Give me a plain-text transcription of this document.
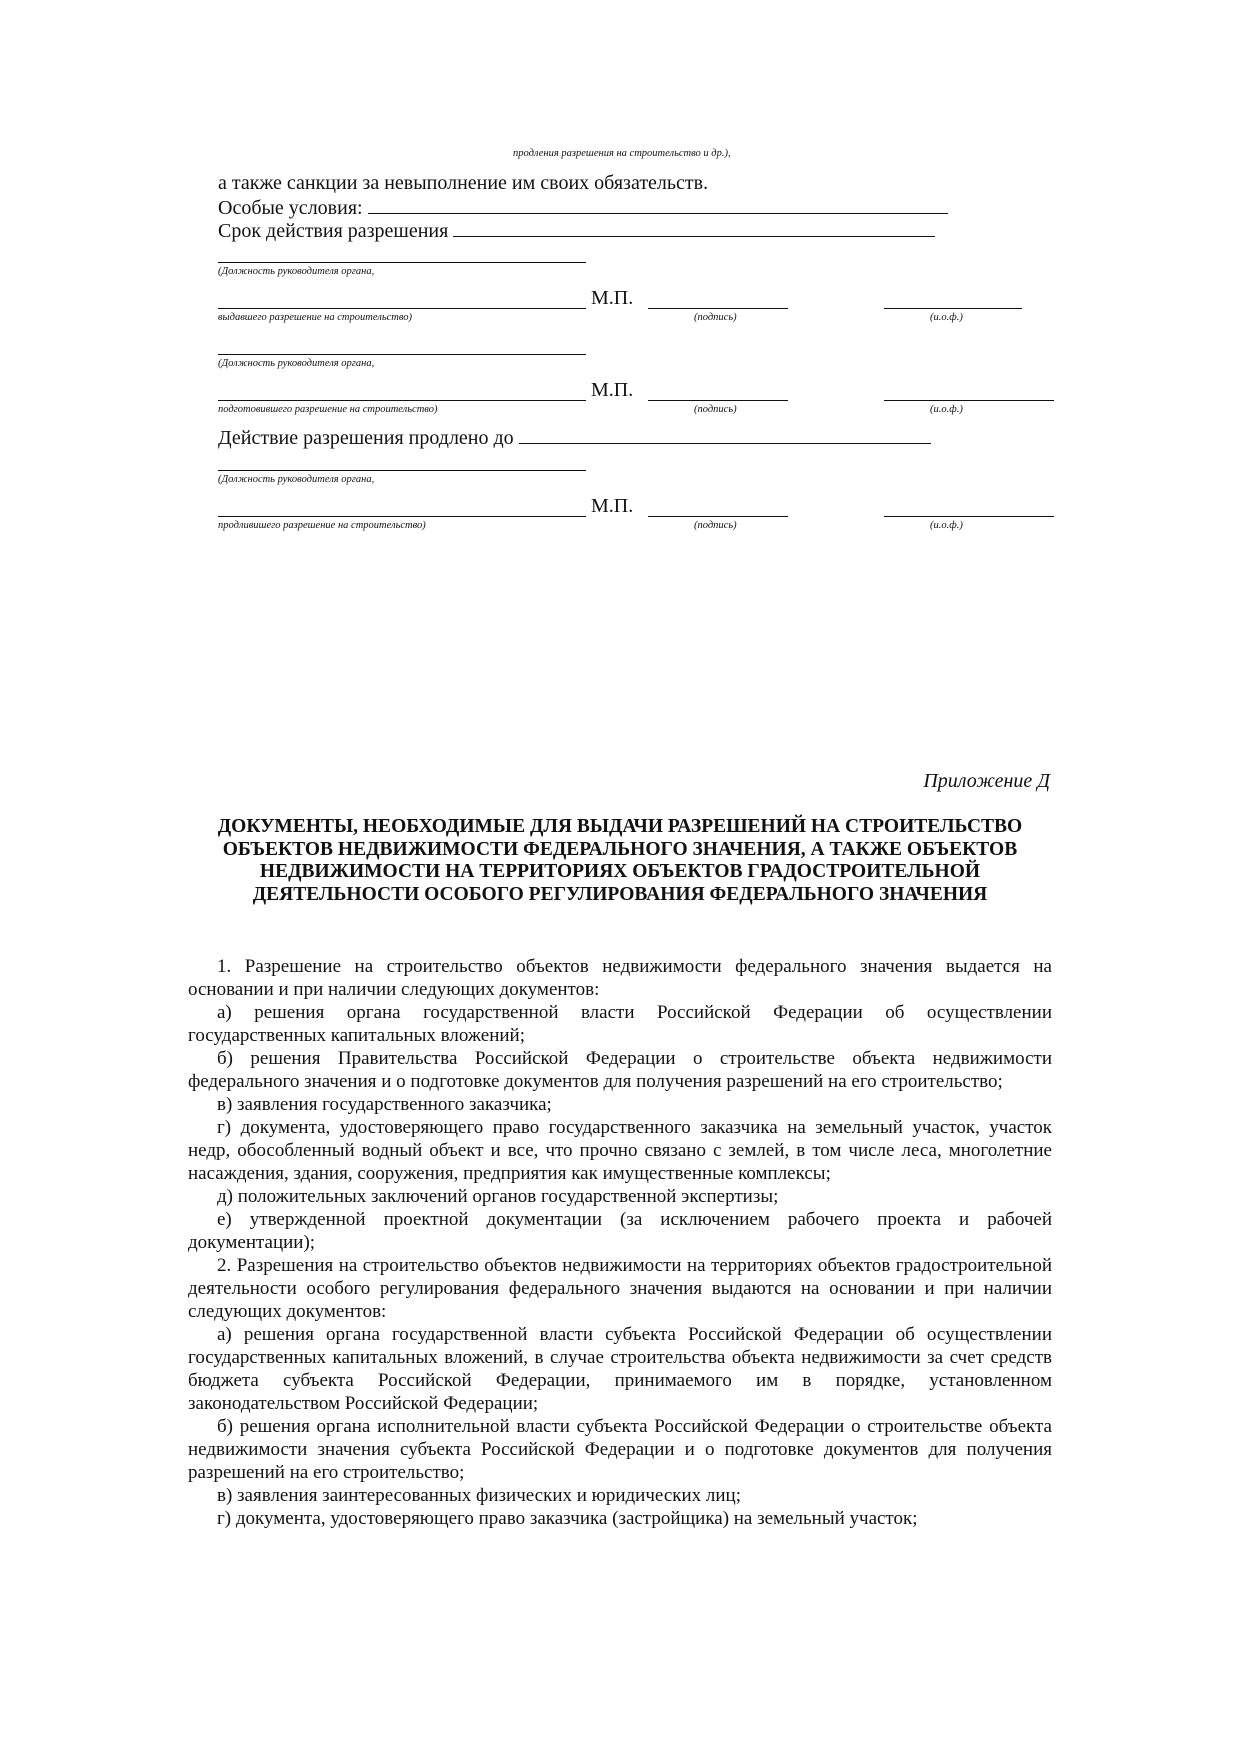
продления разрешения на строительство и др.),
а также санкции за невыполнение им своих обязательств.
Особые условия:
Срок действия разрешения
(Должность руководителя органа,
М.П.
выдавшего разрешение на строительство)	(подпись)	(и.о.ф.)
(Должность руководителя органа,
М.П.
подготовившего разрешение на строительство)	(подпись)	(и.о.ф.)
Действие разрешения продлено до
(Должность руководителя органа,
М.П.
продливишего разрешение на строительство)	(подпись)	(и.о.ф.)
Приложение Д
ДОКУМЕНТЫ, НЕОБХОДИМЫЕ ДЛЯ ВЫДАЧИ РАЗРЕШЕНИЙ НА СТРОИТЕЛЬСТВО ОБЪЕКТОВ НЕДВИЖИМОСТИ ФЕДЕРАЛЬНОГО ЗНАЧЕНИЯ, А ТАКЖЕ ОБЪЕКТОВ НЕДВИЖИМОСТИ НА ТЕРРИТОРИЯХ ОБЪЕКТОВ ГРАДОСТРОИТЕЛЬНОЙ ДЕЯТЕЛЬНОСТИ ОСОБОГО РЕГУЛИРОВАНИЯ ФЕДЕРАЛЬНОГО ЗНАЧЕНИЯ

1. Разрешение на строительство объектов недвижимости федерального значения выдается на основании и при наличии следующих документов:

а) решения органа государственной власти Российской Федерации об осуществлении государственных капитальных вложений;

б) решения Правительства Российской Федерации о строительстве объекта недвижимости федерального значения и о подготовке документов для получения разрешений на его строительство;

в) заявления государственного заказчика;

г) документа, удостоверяющего право государственного заказчика на земельный участок, участок недр, обособленный водный объект и все, что прочно связано с землей, в том числе леса, многолетние насаждения, здания, сооружения, предприятия как имущественные комплексы;

д) положительных заключений органов государственной экспертизы;

е) утвержденной проектной документации (за исключением рабочего проекта и рабочей документации);

2. Разрешения на строительство объектов недвижимости на территориях объектов градостроительной деятельности особого регулирования федерального значения выдаются на основании и при наличии следующих документов:

а) решения органа государственной власти субъекта Российской Федерации об осуществлении государственных капитальных вложений, в случае строительства объекта недвижимости за счет средств бюджета субъекта Российской Федерации, принимаемого им в порядке, установленном законодательством Российской Федерации;

б) решения органа исполнительной власти субъекта Российской Федерации о строительстве объекта недвижимости значения субъекта Российской Федерации и о подготовке документов для получения разрешений на его строительство;

в) заявления заинтересованных физических и юридических лиц;

г) документа, удостоверяющего право заказчика (застройщика) на земельный участок;
